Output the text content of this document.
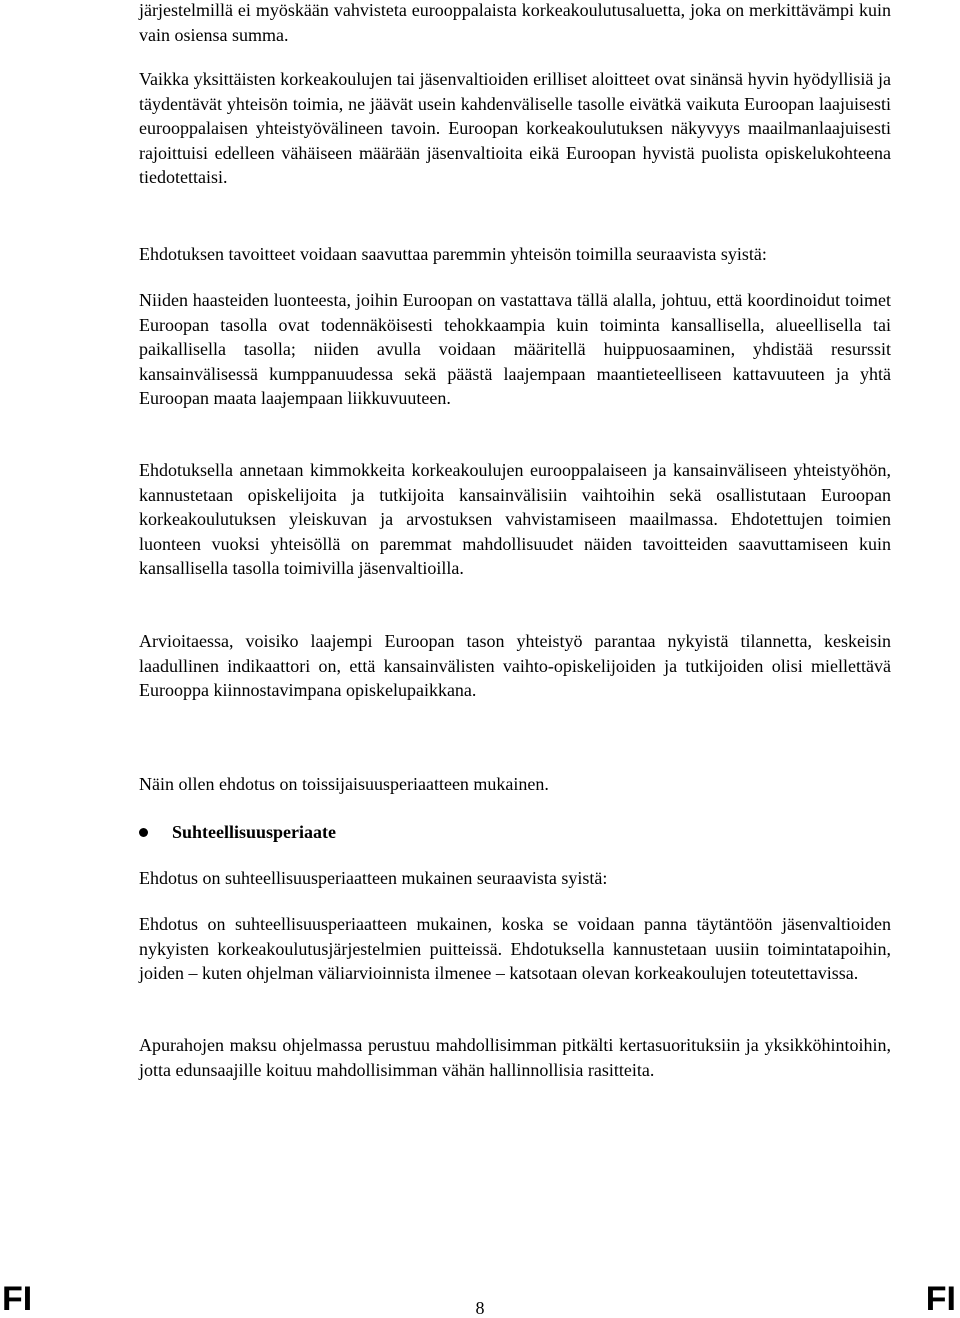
järjestelmillä ei myöskään vahvisteta eurooppalaista korkeakoulutusaluetta, joka on merkittävämpi kuin vain osiensa summa.

Vaikka yksittäisten korkeakoulujen tai jäsenvaltioiden erilliset aloitteet ovat sinänsä hyvin hyödyllisiä ja täydentävät yhteisön toimia, ne jäävät usein kahdenväliselle tasolle eivätkä vaikuta Euroopan laajuisesti eurooppalaisen yhteistyövälineen tavoin. Euroopan korkeakoulutuksen näkyvyys maailmanlaajuisesti rajoittuisi edelleen vähäiseen määrään jäsenvaltioita eikä Euroopan hyvistä puolista opiskelukohteena tiedotettaisi.

Ehdotuksen tavoitteet voidaan saavuttaa paremmin yhteisön toimilla seuraavista syistä:

Niiden haasteiden luonteesta, joihin Euroopan on vastattava tällä alalla, johtuu, että koordinoidut toimet Euroopan tasolla ovat todennäköisesti tehokkaampia kuin toiminta kansallisella, alueellisella tai paikallisella tasolla; niiden avulla voidaan määritellä huippuosaaminen, yhdistää resurssit kansainvälisessä kumppanuudessa sekä päästä laajempaan maantieteelliseen kattavuuteen ja yhtä Euroopan maata laajempaan liikkuvuuteen.

Ehdotuksella annetaan kimmokkeita korkeakoulujen eurooppalaiseen ja kansainväliseen yhteistyöhön, kannustetaan opiskelijoita ja tutkijoita kansainvälisiin vaihtoihin sekä osallistutaan Euroopan korkeakoulutuksen yleiskuvan ja arvostuksen vahvistamiseen maailmassa. Ehdotettujen toimien luonteen vuoksi yhteisöllä on paremmat mahdollisuudet näiden tavoitteiden saavuttamiseen kuin kansallisella tasolla toimivilla jäsenvaltioilla.

Arvioitaessa, voisiko laajempi Euroopan tason yhteistyö parantaa nykyistä tilannetta, keskeisin laadullinen indikaattori on, että kansainvälisten vaihto-opiskelijoiden ja tutkijoiden olisi miellettävä Eurooppa kiinnostavimpana opiskelupaikkana.

Näin ollen ehdotus on toissijaisuusperiaatteen mukainen.

Suhteellisuusperiaate

Ehdotus on suhteellisuusperiaatteen mukainen seuraavista syistä:

Ehdotus on suhteellisuusperiaatteen mukainen, koska se voidaan panna täytäntöön jäsenvaltioiden nykyisten korkeakoulutusjärjestelmien puitteissä. Ehdotuksella kannustetaan uusiin toimintatapoihin, joiden – kuten ohjelman väliarvioinnista ilmenee – katsotaan olevan korkeakoulujen toteutettavissa.

Apurahojen maksu ohjelmassa perustuu mahdollisimman pitkälti kertasuorituksiin ja yksikköhintoihin, jotta edunsaajille koituu mahdollisimman vähän hallinnollisia rasitteita.

FI	8	FI
